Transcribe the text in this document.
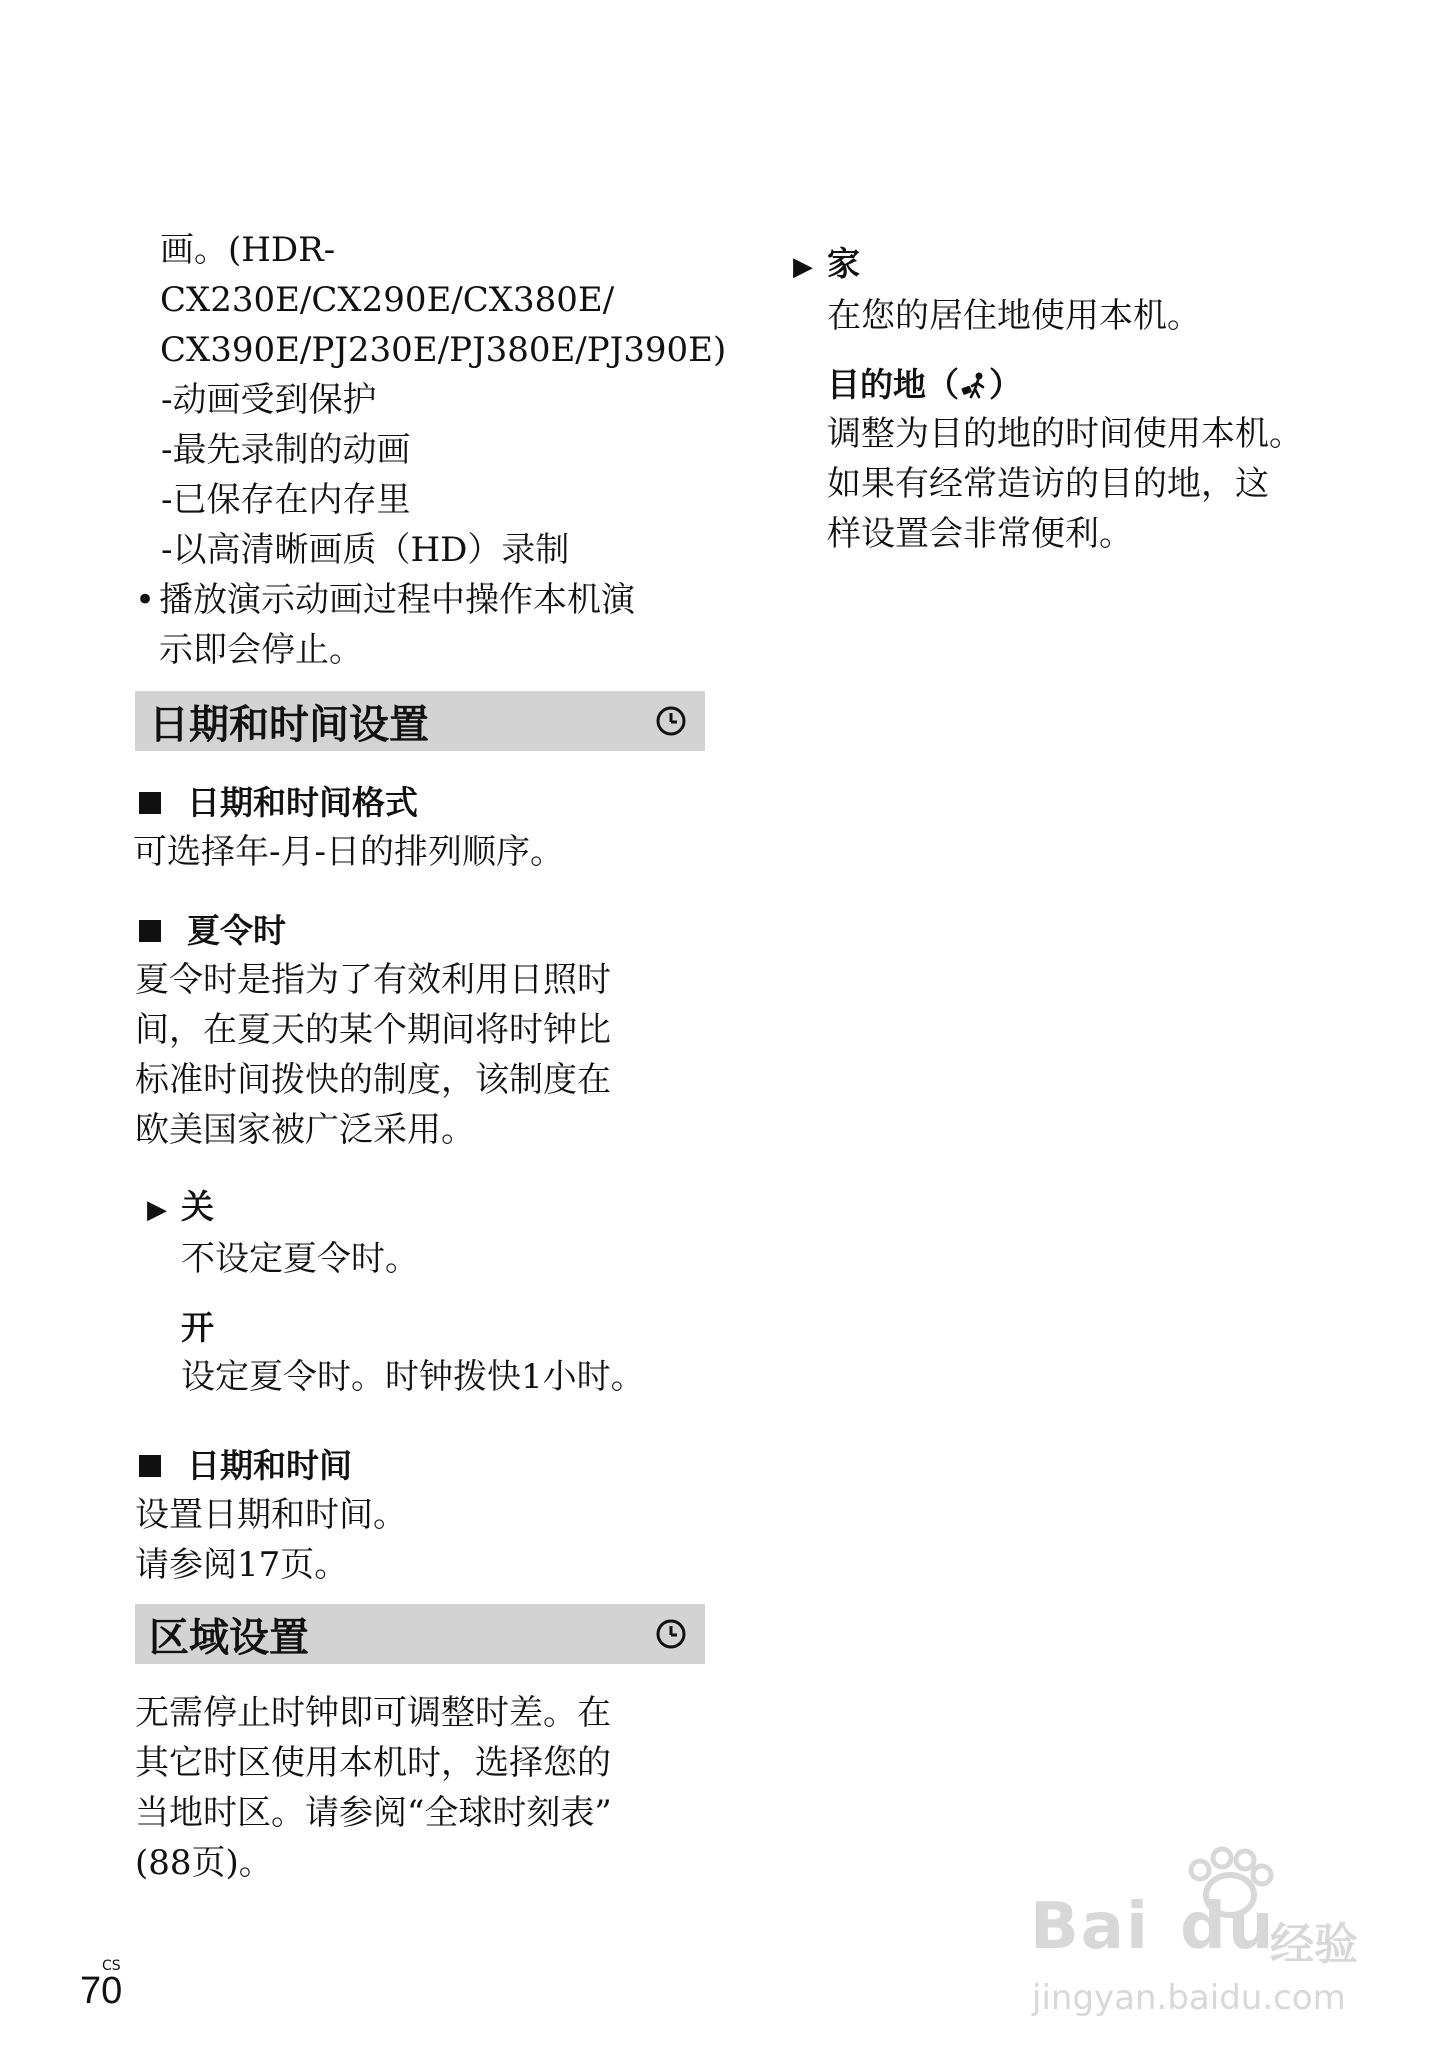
画。(HDR-CX230E/CX290E/CX380E/

CX390E/PJ230E/PJ380E/PJ390E)

-动画受到保护

-最先录制的动画

-已保存在内存里

-以高清晰画质（HD）录制

• 播放演示动画过程中操作本机演
示即会停止。
日期和时间设置
日期和时间格式

可选择年-月-日的排列顺序。

夏令时

夏令时是指为了有效利用日照时

间，在夏天的某个期间将时钟比

标准时间拨快的制度，该制度在

欧美国家被广泛采用。

▶ 关

不设定夏令时。

开

设定夏令时。时钟拨快1小时。

日期和时间

设置日期和时间。

请参阅17页。

区域设置

无需停止时钟即可调整时差。在

其它时区使用本机时，选择您的

当地时区。请参阅“全球时刻表”

(88页)。

▶ 家

在您的居住地使用本机。

目的地（ ）

调整为目的地的时间使用本机。

如果有经常造访的目的地，这

样设置会非常便利。

CS
70
Bai du
经验
jingyan.baidu.com
